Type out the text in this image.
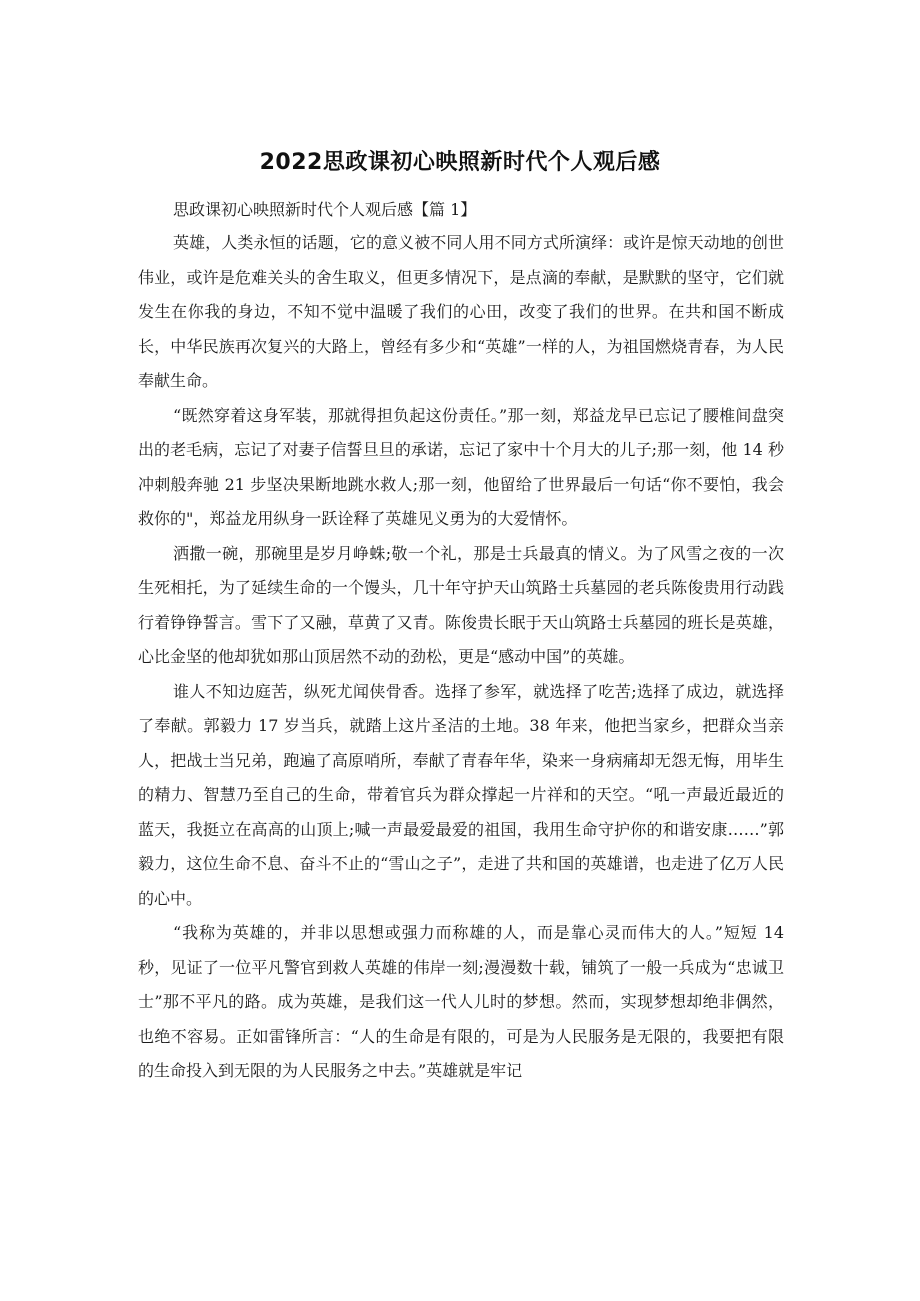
2022思政课初心映照新时代个人观后感

思政课初心映照新时代个人观后感【篇 1】

英雄，人类永恒的话题，它的意义被不同人用不同方式所演绎：或许是惊天动地的创世伟业，或许是危难关头的舍生取义，但更多情况下，是点滴的奉献，是默默的坚守，它们就发生在你我的身边，不知不觉中温暖了我们的心田，改变了我们的世界。在共和国不断成长，中华民族再次复兴的大路上，曾经有多少和“英雄”一样的人，为祖国燃烧青春，为人民奉献生命。

“既然穿着这身军装，那就得担负起这份责任。”那一刻，郑益龙早已忘记了腰椎间盘突出的老毛病，忘记了对妻子信誓旦旦的承诺，忘记了家中十个月大的儿子;那一刻，他 14 秒冲刺般奔驰 21 步坚决果断地跳水救人;那一刻，他留给了世界最后一句话“你不要怕，我会救你的"，郑益龙用纵身一跃诠释了英雄见义勇为的大爱情怀。

洒撒一碗，那碗里是岁月峥蛛;敬一个礼，那是士兵最真的情义。为了风雪之夜的一次生死相托，为了延续生命的一个馒头，几十年守护天山筑路士兵墓园的老兵陈俊贵用行动践行着铮铮誓言。雪下了又融，草黄了又青。陈俊贵长眠于天山筑路士兵墓园的班长是英雄，心比金坚的他却犹如那山顶居然不动的劲松，更是“感动中国”的英雄。

谁人不知边庭苦，纵死尤闻侠骨香。选择了参军，就选择了吃苦;选择了成边，就选择了奉献。郭毅力 17 岁当兵，就踏上这片圣洁的土地。38 年来，他把当家乡，把群众当亲人，把战士当兄弟，跑遍了高原哨所，奉献了青春年华，染来一身病痛却无怨无悔，用毕生的精力、智慧乃至自己的生命，带着官兵为群众撑起一片祥和的天空。“吼一声最近最近的蓝天，我挺立在高高的山顶上;喊一声最爱最爱的祖国，我用生命守护你的和谐安康……”郭毅力，这位生命不息、奋斗不止的“雪山之子”，走进了共和国的英雄谱，也走进了亿万人民的心中。

“我称为英雄的，并非以思想或强力而称雄的人，而是靠心灵而伟大的人。”短短 14 秒，见证了一位平凡警官到救人英雄的伟岸一刻;漫漫数十载，铺筑了一般一兵成为“忠诚卫士”那不平凡的路。成为英雄，是我们这一代人儿时的梦想。然而，实现梦想却绝非偶然，也绝不容易。正如雷锋所言：“人的生命是有限的，可是为人民服务是无限的，我要把有限的生命投入到无限的为人民服务之中去。”英雄就是牢记
